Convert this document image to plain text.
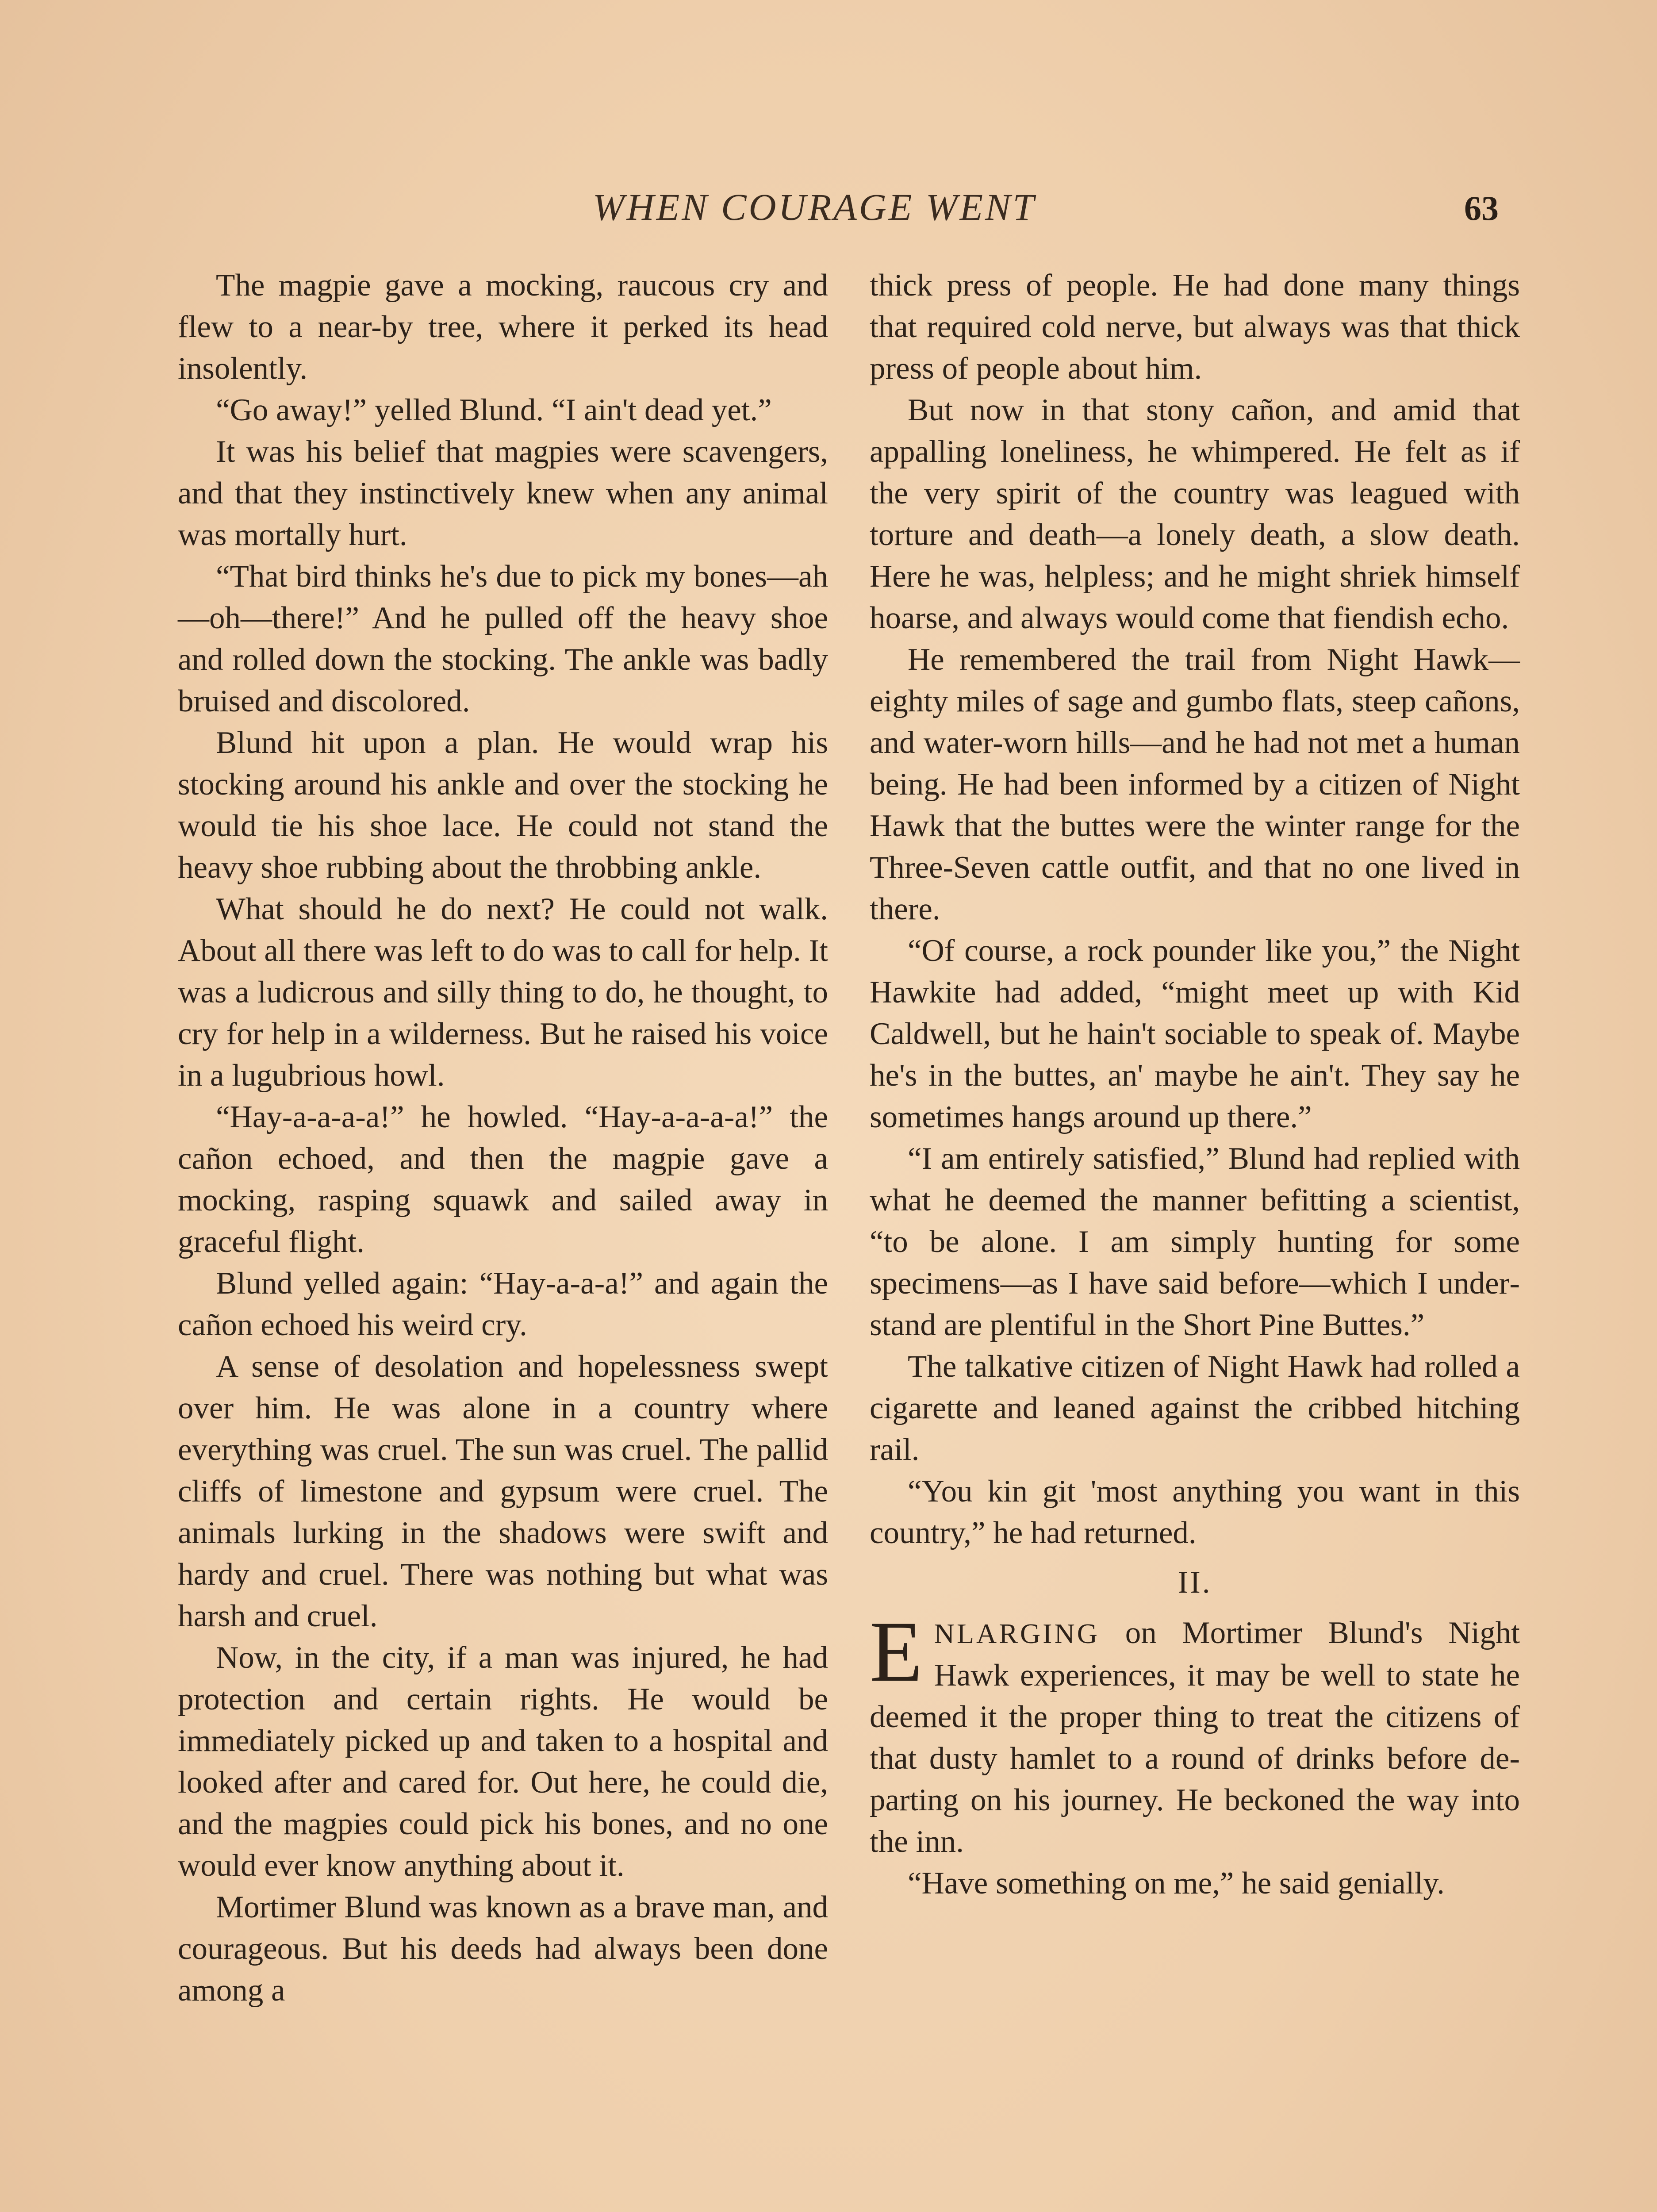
WHEN COURAGE WENT	63

The magpie gave a mocking, raucous cry and flew to a near-by tree, where it perked its head insolently.

“Go away!” yelled Blund. “I ain't dead yet.”

It was his belief that magpies were scavengers, and that they instinctively knew when any animal was mortally hurt.

“That bird thinks he's due to pick my bones—ah—oh—there!” And he pulled off the heavy shoe and rolled down the stocking. The ankle was badly bruised and discolored.

Blund hit upon a plan. He would wrap his stocking around his ankle and over the stocking he would tie his shoe lace. He could not stand the heavy shoe rubbing about the throbbing ankle.

What should he do next? He could not walk. About all there was left to do was to call for help. It was a ludicrous and silly thing to do, he thought, to cry for help in a wilderness. But he raised his voice in a lugubrious howl.

“Hay-a-a-a-a!” he howled. “Hay-a-a-a-a!” the cañon echoed, and then the magpie gave a mocking, rasping squawk and sailed away in graceful flight.

Blund yelled again: “Hay-a-a-a!” and again the cañon echoed his weird cry.

A sense of desolation and hopelessness swept over him. He was alone in a country where everything was cruel. The sun was cruel. The pallid cliffs of limestone and gypsum were cruel. The animals lurking in the shadows were swift and hardy and cruel. There was nothing but what was harsh and cruel.

Now, in the city, if a man was injured, he had protection and certain rights. He would be immediately picked up and taken to a hospital and looked after and cared for. Out here, he could die, and the magpies could pick his bones, and no one would ever know anything about it.

Mortimer Blund was known as a brave man, and courageous. But his deeds had always been done among a

thick press of people. He had done many things that required cold nerve, but always was that thick press of people about him.

But now in that stony cañon, and amid that appalling loneliness, he whimpered. He felt as if the very spirit of the country was leagued with torture and death—a lonely death, a slow death. Here he was, helpless; and he might shriek himself hoarse, and always would come that fiendish echo.

He remembered the trail from Night Hawk—eighty miles of sage and gumbo flats, steep cañons, and water-worn hills—and he had not met a human being. He had been informed by a citizen of Night Hawk that the buttes were the winter range for the Three-Seven cattle outfit, and that no one lived in there.

“Of course, a rock pounder like you,” the Night Hawkite had added, “might meet up with Kid Caldwell, but he hain't sociable to speak of. Maybe he's in the buttes, an' maybe he ain't. They say he sometimes hangs around up there.”

“I am entirely satisfied,” Blund had replied with what he deemed the manner befitting a scientist, “to be alone. I am simply hunting for some specimens—as I have said before—which I understand are plentiful in the Short Pine Buttes.”

The talkative citizen of Night Hawk had rolled a cigarette and leaned against the cribbed hitching rail.

“You kin git 'most anything you want in this country,” he had returned.

II.

ENLARGING on Mortimer Blund's Night Hawk experiences, it may be well to state he deemed it the proper thing to treat the citizens of that dusty hamlet to a round of drinks before departing on his journey. He beckoned the way into the inn.

“Have something on me,” he said genially.
